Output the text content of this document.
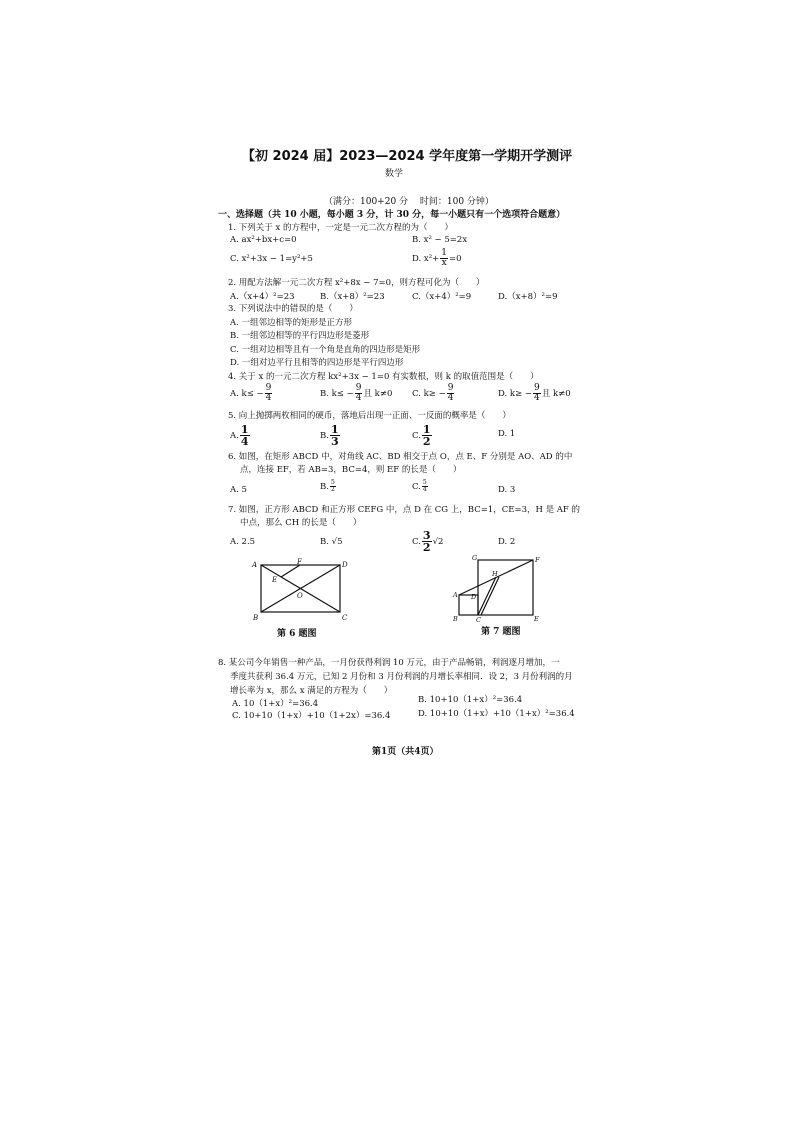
【初 2024 届】2023—2024 学年度第一学期开学测评
数学
（满分：100+20 分　 时间：100 分钟）
一、选择题（共 10 小题，每小题 3 分，计 30 分，每一小题只有一个选项符合题意）
1. 下列关于 x 的方程中，一定是一元二次方程的为（　　）
A. ax²+bx+c=0	B. x² − 5=2x
C. x²+3x − 1=y²+5	D. $x^2+ \frac{1}{x} =0$
2. 用配方法解一元二次方程 x²+8x − 7=0，则方程可化为（　　）
A.（x+4）²=23	B.（x+8）²=23	C.（x+4）²=9	D.（x+8）²=9
3. 下列说法中的错误的是（　　）
A. 一组邻边相等的矩形是正方形
B. 一组邻边相等的平行四边形是菱形
C. 一组对边相等且有一个角是直角的四边形是矩形
D. 一组对边平行且相等的四边形是平行四边形
4. 关于 x 的一元二次方程 kx²+3x − 1=0 有实数根，则 k 的取值范围是（　　）
A. $k\le - \frac{9}{4}$	B. $k\le - \frac{9}{4}$ 且 k≠0 C. $k\ge - \frac{9}{4}$	D. $k\ge - \frac{9}{4}$ 且 k≠0
5. 向上抛掷两枚相同的硬币，落地后出现一正面、一反面的概率是（　　）
A. $\frac{1}{4}$	B. $\frac{1}{3}$	C. $\frac{1}{2}$	D. 1
6. 如图，在矩形 ABCD 中，对角线 AC、BD 相交于点 O，点 E、F 分别是 AO、AD 的中
点，连接 EF，若 AB=3，BC=4，则 EF 的长是（　　）
A. 5	B. $\frac{5}{2}$	C. $\frac{5}{4}$	D. 3
7. 如图，正方形 ABCD 和正方形 CEFG 中，点 D 在 CG 上，BC=1，CE=3，H 是 AF 的
中点，那么 CH 的长是（　　）
A. 2.5	B. √5	C. $\frac{3}{2} √2$	D. 2
A
B	C
D
E
F
O
第 6 题图
G	F
H
A D
B	C	E
第 7 题图
8. 某公司今年销售一种产品，一月份获得利润 10 万元，由于产品畅销，利润逐月增加，一
季度共获利 36.4 万元，已知 2 月份和 3 月份利润的月增长率相同．设 2，3 月份利润的月
增长率为 x，那么 x 满足的方程为（　　）
A. 10（1+x）²=36.4	B. 10+10（1+x）²=36.4
C. 10+10（1+x）+10（1+2x）=36.4	D. 10+10（1+x）+10（1+x）²=36.4
第1页（共4页）
